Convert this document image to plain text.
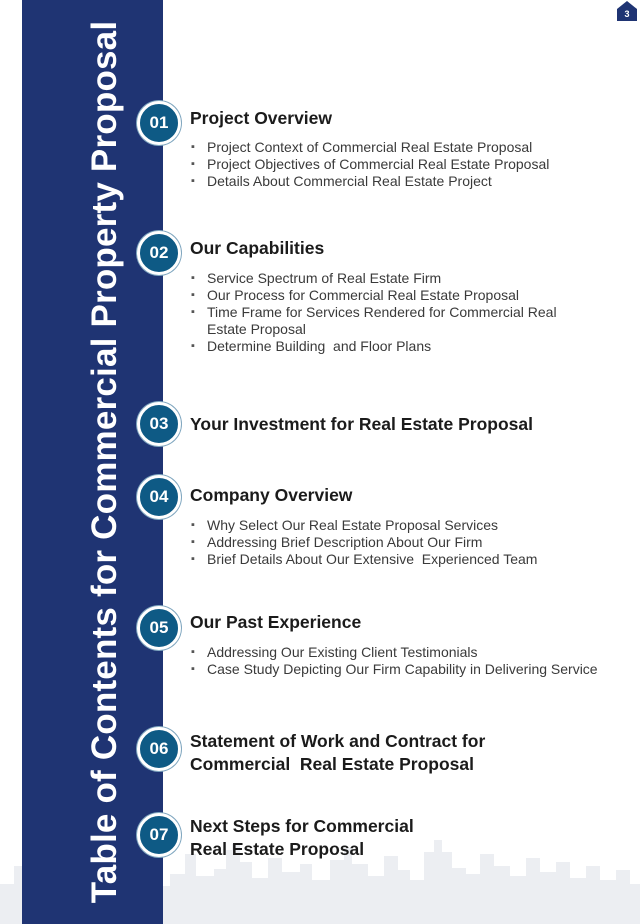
Table of Contents for Commercial Property Proposal
3
01	Project Overview
▪ Project Context of Commercial Real Estate Proposal
▪ Project Objectives of Commercial Real Estate Proposal
▪ Details About Commercial Real Estate Project
02	Our Capabilities
▪ Service Spectrum of Real Estate Firm
▪ Our Process for Commercial Real Estate Proposal
▪ Time Frame for Services Rendered for Commercial Real
Estate Proposal
▪ Determine Building  and Floor Plans
03	Your Investment for Real Estate Proposal
04	Company Overview
▪ Why Select Our Real Estate Proposal Services
▪ Addressing Brief Description About Our Firm
▪ Brief Details About Our Extensive  Experienced Team
05	Our Past Experience
▪ Addressing Our Existing Client Testimonials
▪ Case Study Depicting Our Firm Capability in Delivering Service
06	Statement of Work and Contract for
Commercial  Real Estate Proposal
07	Next Steps for Commercial
Real Estate Proposal
